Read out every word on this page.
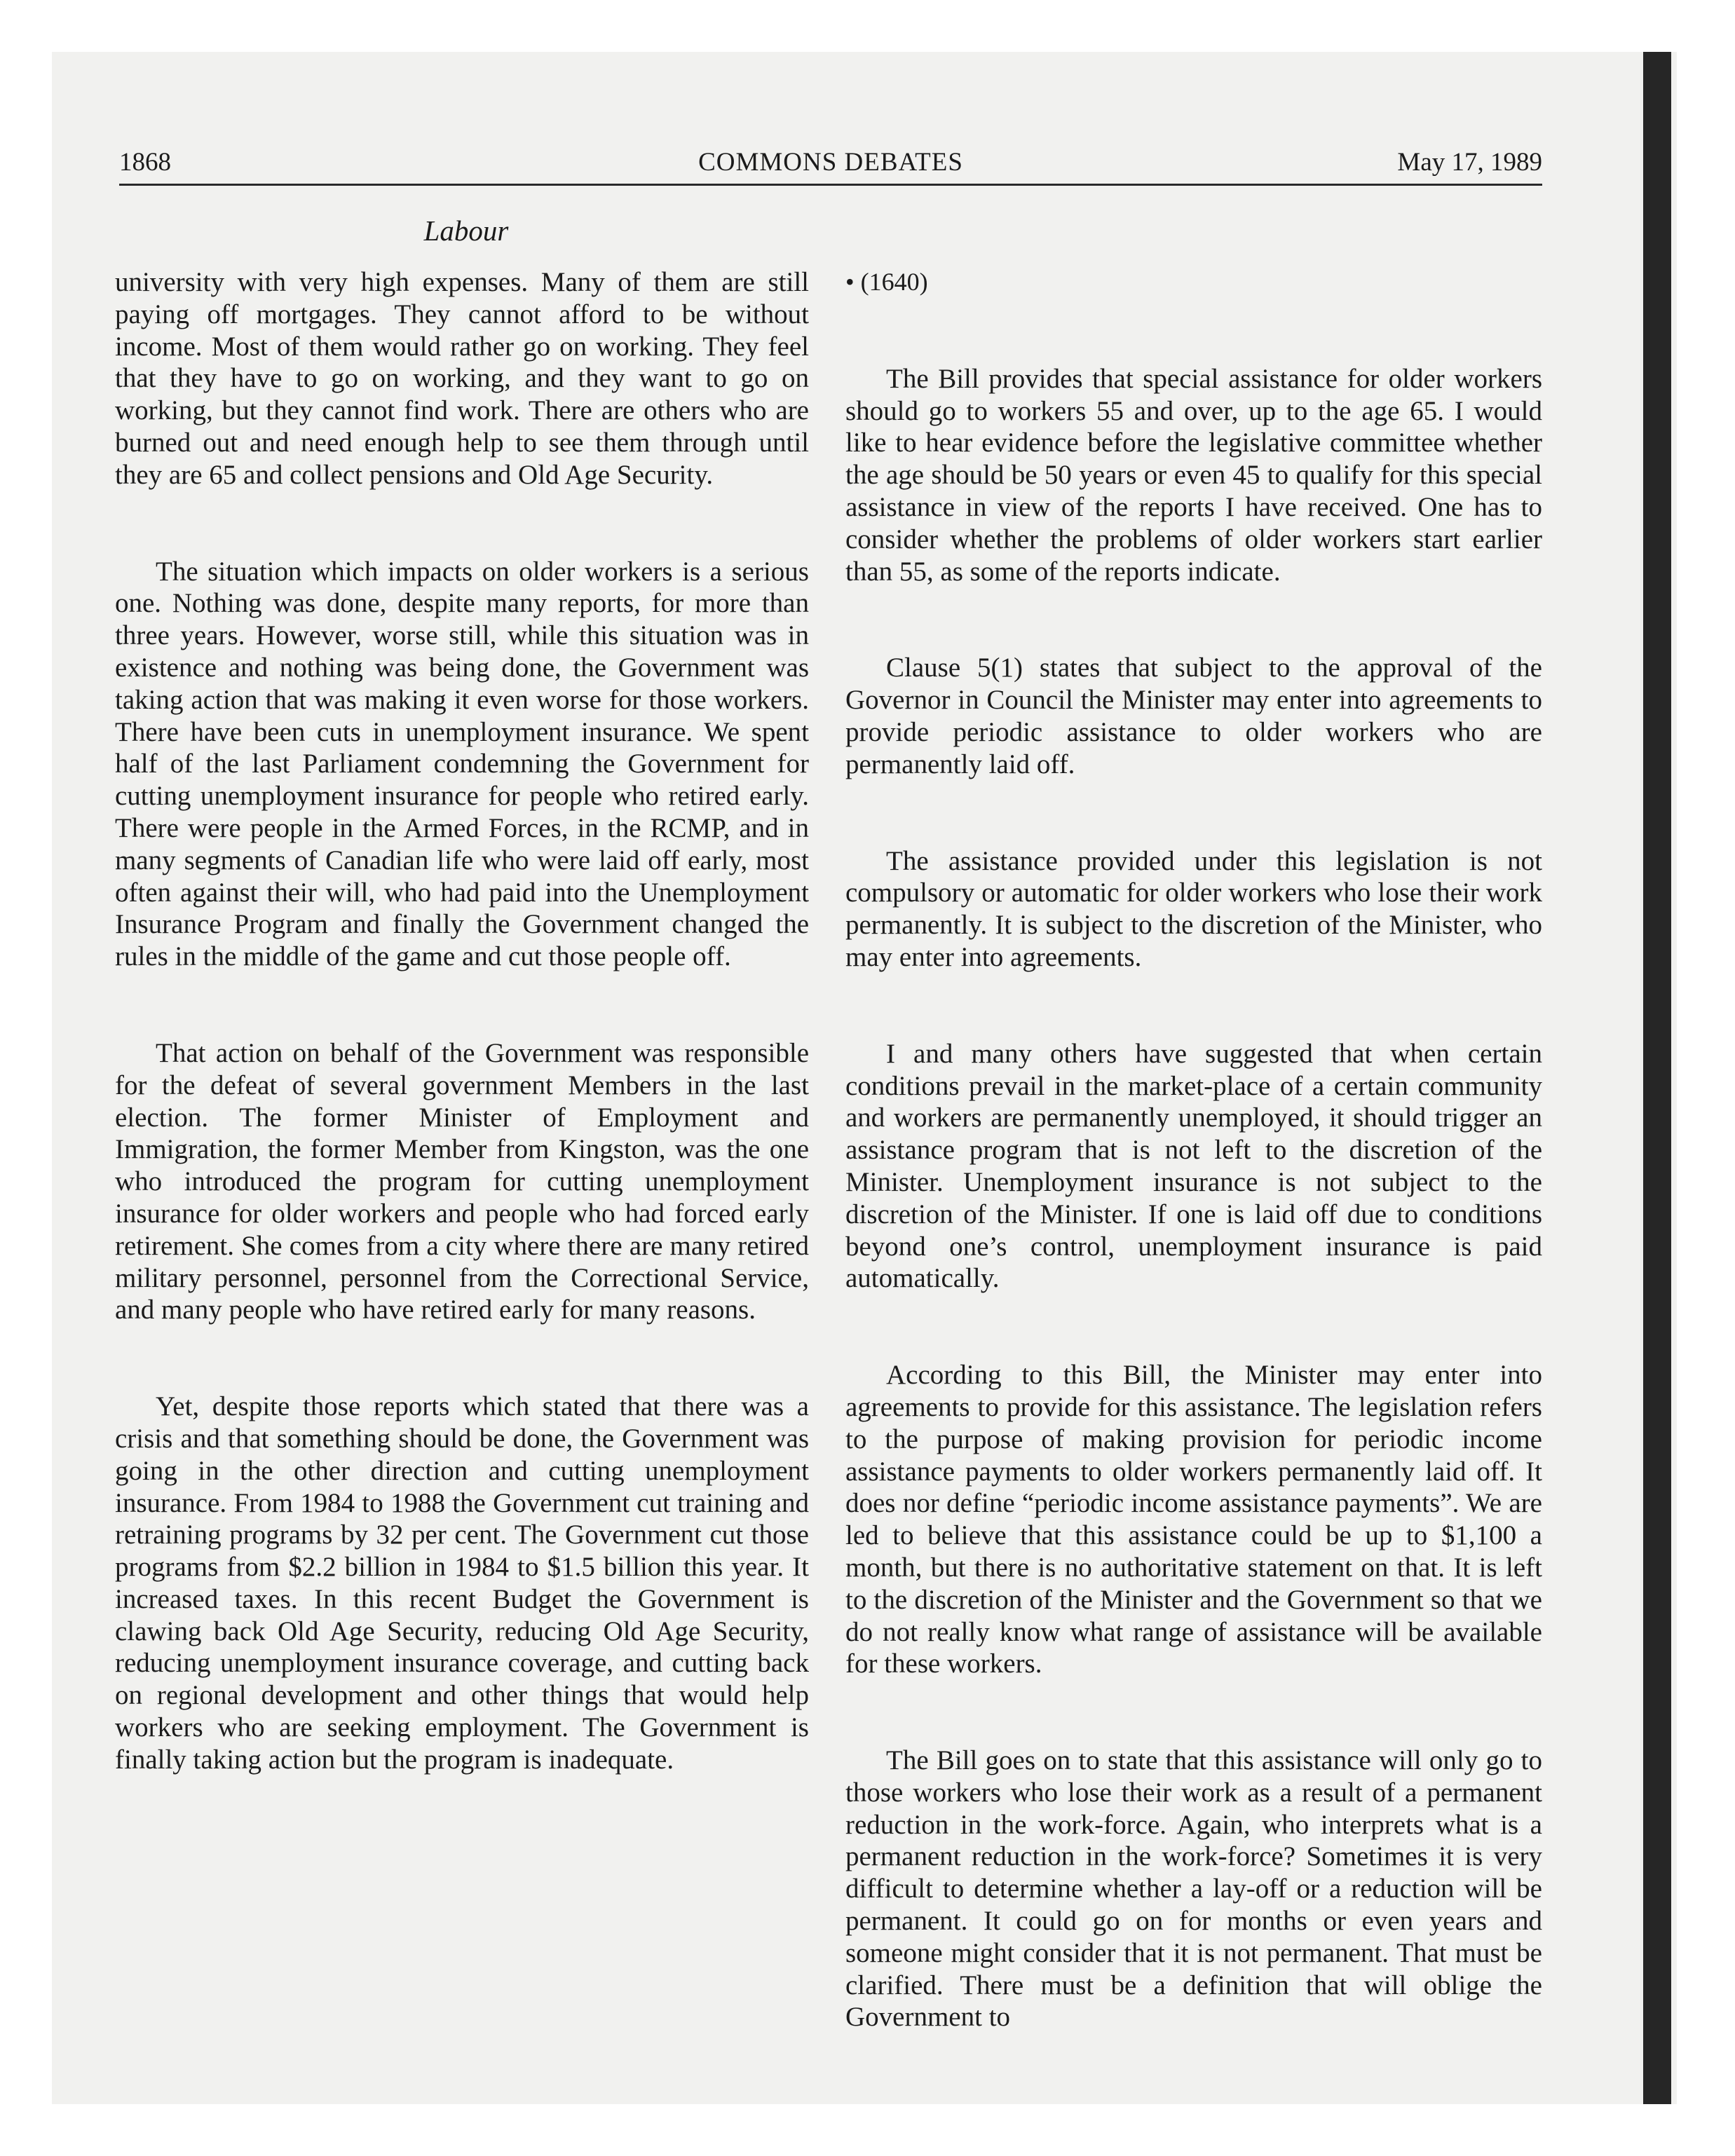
1868	COMMONS DEBATES	May 17, 1989
Labour

university with very high expenses. Many of them are still paying off mortgages. They cannot afford to be without income. Most of them would rather go on working. They feel that they have to go on working, and they want to go on working, but they cannot find work. There are others who are burned out and need enough help to see them through until they are 65 and collect pensions and Old Age Security.

The situation which impacts on older workers is a serious one. Nothing was done, despite many reports, for more than three years. However, worse still, while this situation was in existence and nothing was being done, the Government was taking action that was making it even worse for those workers. There have been cuts in unemployment insurance. We spent half of the last Parliament condemning the Government for cutting unemployment insurance for people who retired early. There were people in the Armed Forces, in the RCMP, and in many segments of Canadian life who were laid off early, most often against their will, who had paid into the Unemployment Insurance Program and finally the Government changed the rules in the middle of the game and cut those people off.

That action on behalf of the Government was responsible for the defeat of several government Members in the last election. The former Minister of Employment and Immigration, the former Member from Kingston, was the one who introduced the program for cutting unemployment insurance for older workers and people who had forced early retirement. She comes from a city where there are many retired military personnel, personnel from the Correctional Service, and many people who have retired early for many reasons.

Yet, despite those reports which stated that there was a crisis and that something should be done, the Government was going in the other direction and cutting unemployment insurance. From 1984 to 1988 the Government cut training and retraining programs by 32 per cent. The Government cut those programs from $2.2 billion in 1984 to $1.5 billion this year. It increased taxes. In this recent Budget the Government is clawing back Old Age Security, reducing Old Age Security, reducing unemployment insurance coverage, and cutting back on regional development and other things that would help workers who are seeking employment. The Government is finally taking action but the program is inadequate.

• (1640)

The Bill provides that special assistance for older workers should go to workers 55 and over, up to the age 65. I would like to hear evidence before the legislative committee whether the age should be 50 years or even 45 to qualify for this special assistance in view of the reports I have received. One has to consider whether the problems of older workers start earlier than 55, as some of the reports indicate.

Clause 5(1) states that subject to the approval of the Governor in Council the Minister may enter into agreements to provide periodic assistance to older workers who are permanently laid off.

The assistance provided under this legislation is not compulsory or automatic for older workers who lose their work permanently. It is subject to the discretion of the Minister, who may enter into agreements.

I and many others have suggested that when certain conditions prevail in the market-place of a certain community and workers are permanently unemployed, it should trigger an assistance program that is not left to the discretion of the Minister. Unemployment insurance is not subject to the discretion of the Minister. If one is laid off due to conditions beyond one’s control, unemployment insurance is paid automatically.

According to this Bill, the Minister may enter into agreements to provide for this assistance. The legislation refers to the purpose of making provision for periodic income assistance payments to older workers permanently laid off. It does nor define “periodic income assistance payments”. We are led to believe that this assistance could be up to $1,100 a month, but there is no authoritative statement on that. It is left to the discretion of the Minister and the Government so that we do not really know what range of assistance will be available for these workers.

The Bill goes on to state that this assistance will only go to those workers who lose their work as a result of a permanent reduction in the work-force. Again, who interprets what is a permanent reduction in the work-force? Sometimes it is very difficult to determine whether a lay-off or a reduction will be permanent. It could go on for months or even years and someone might consider that it is not permanent. That must be clarified. There must be a definition that will oblige the Government to
